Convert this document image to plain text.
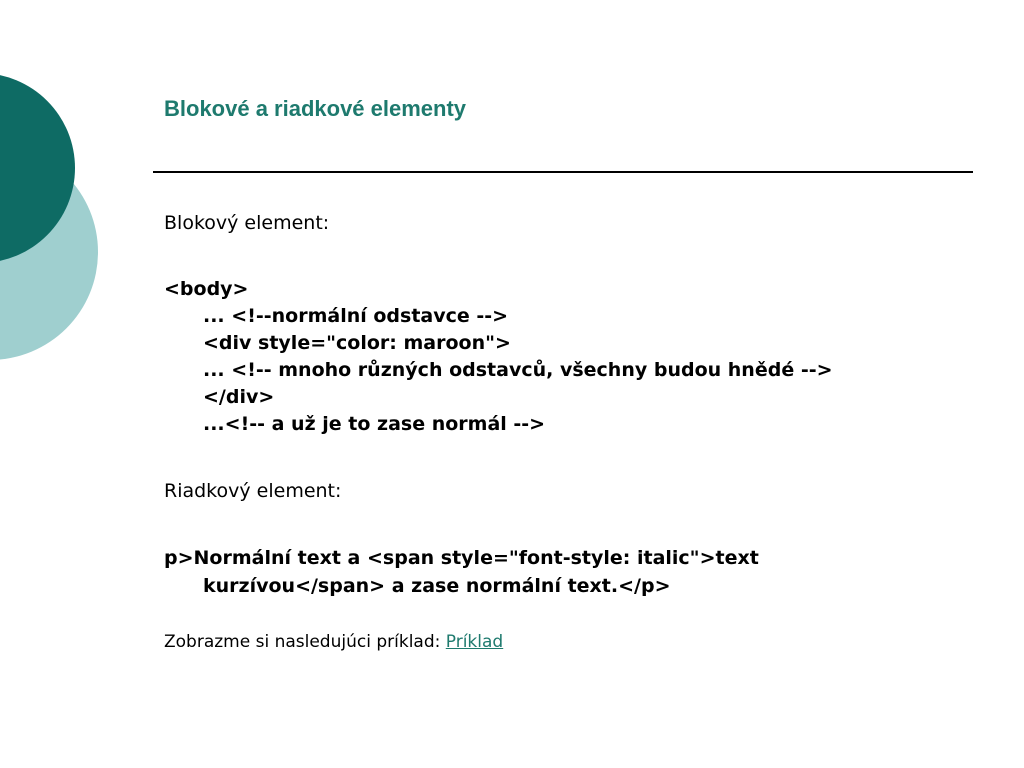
Blokové a riadkové elementy

Blokový element:

<body>
... <!--normální odstavce -->
<div style="color: maroon">
... <!-- mnoho různých odstavců, všechny budou hnědé -->
</div>
...<!-- a už je to zase normál -->

Riadkový element:

p>Normální text a <span style="font-style: italic">text
kurzívou</span> a zase normální text.</p>

Zobrazme si nasledujúci príklad: Príklad
